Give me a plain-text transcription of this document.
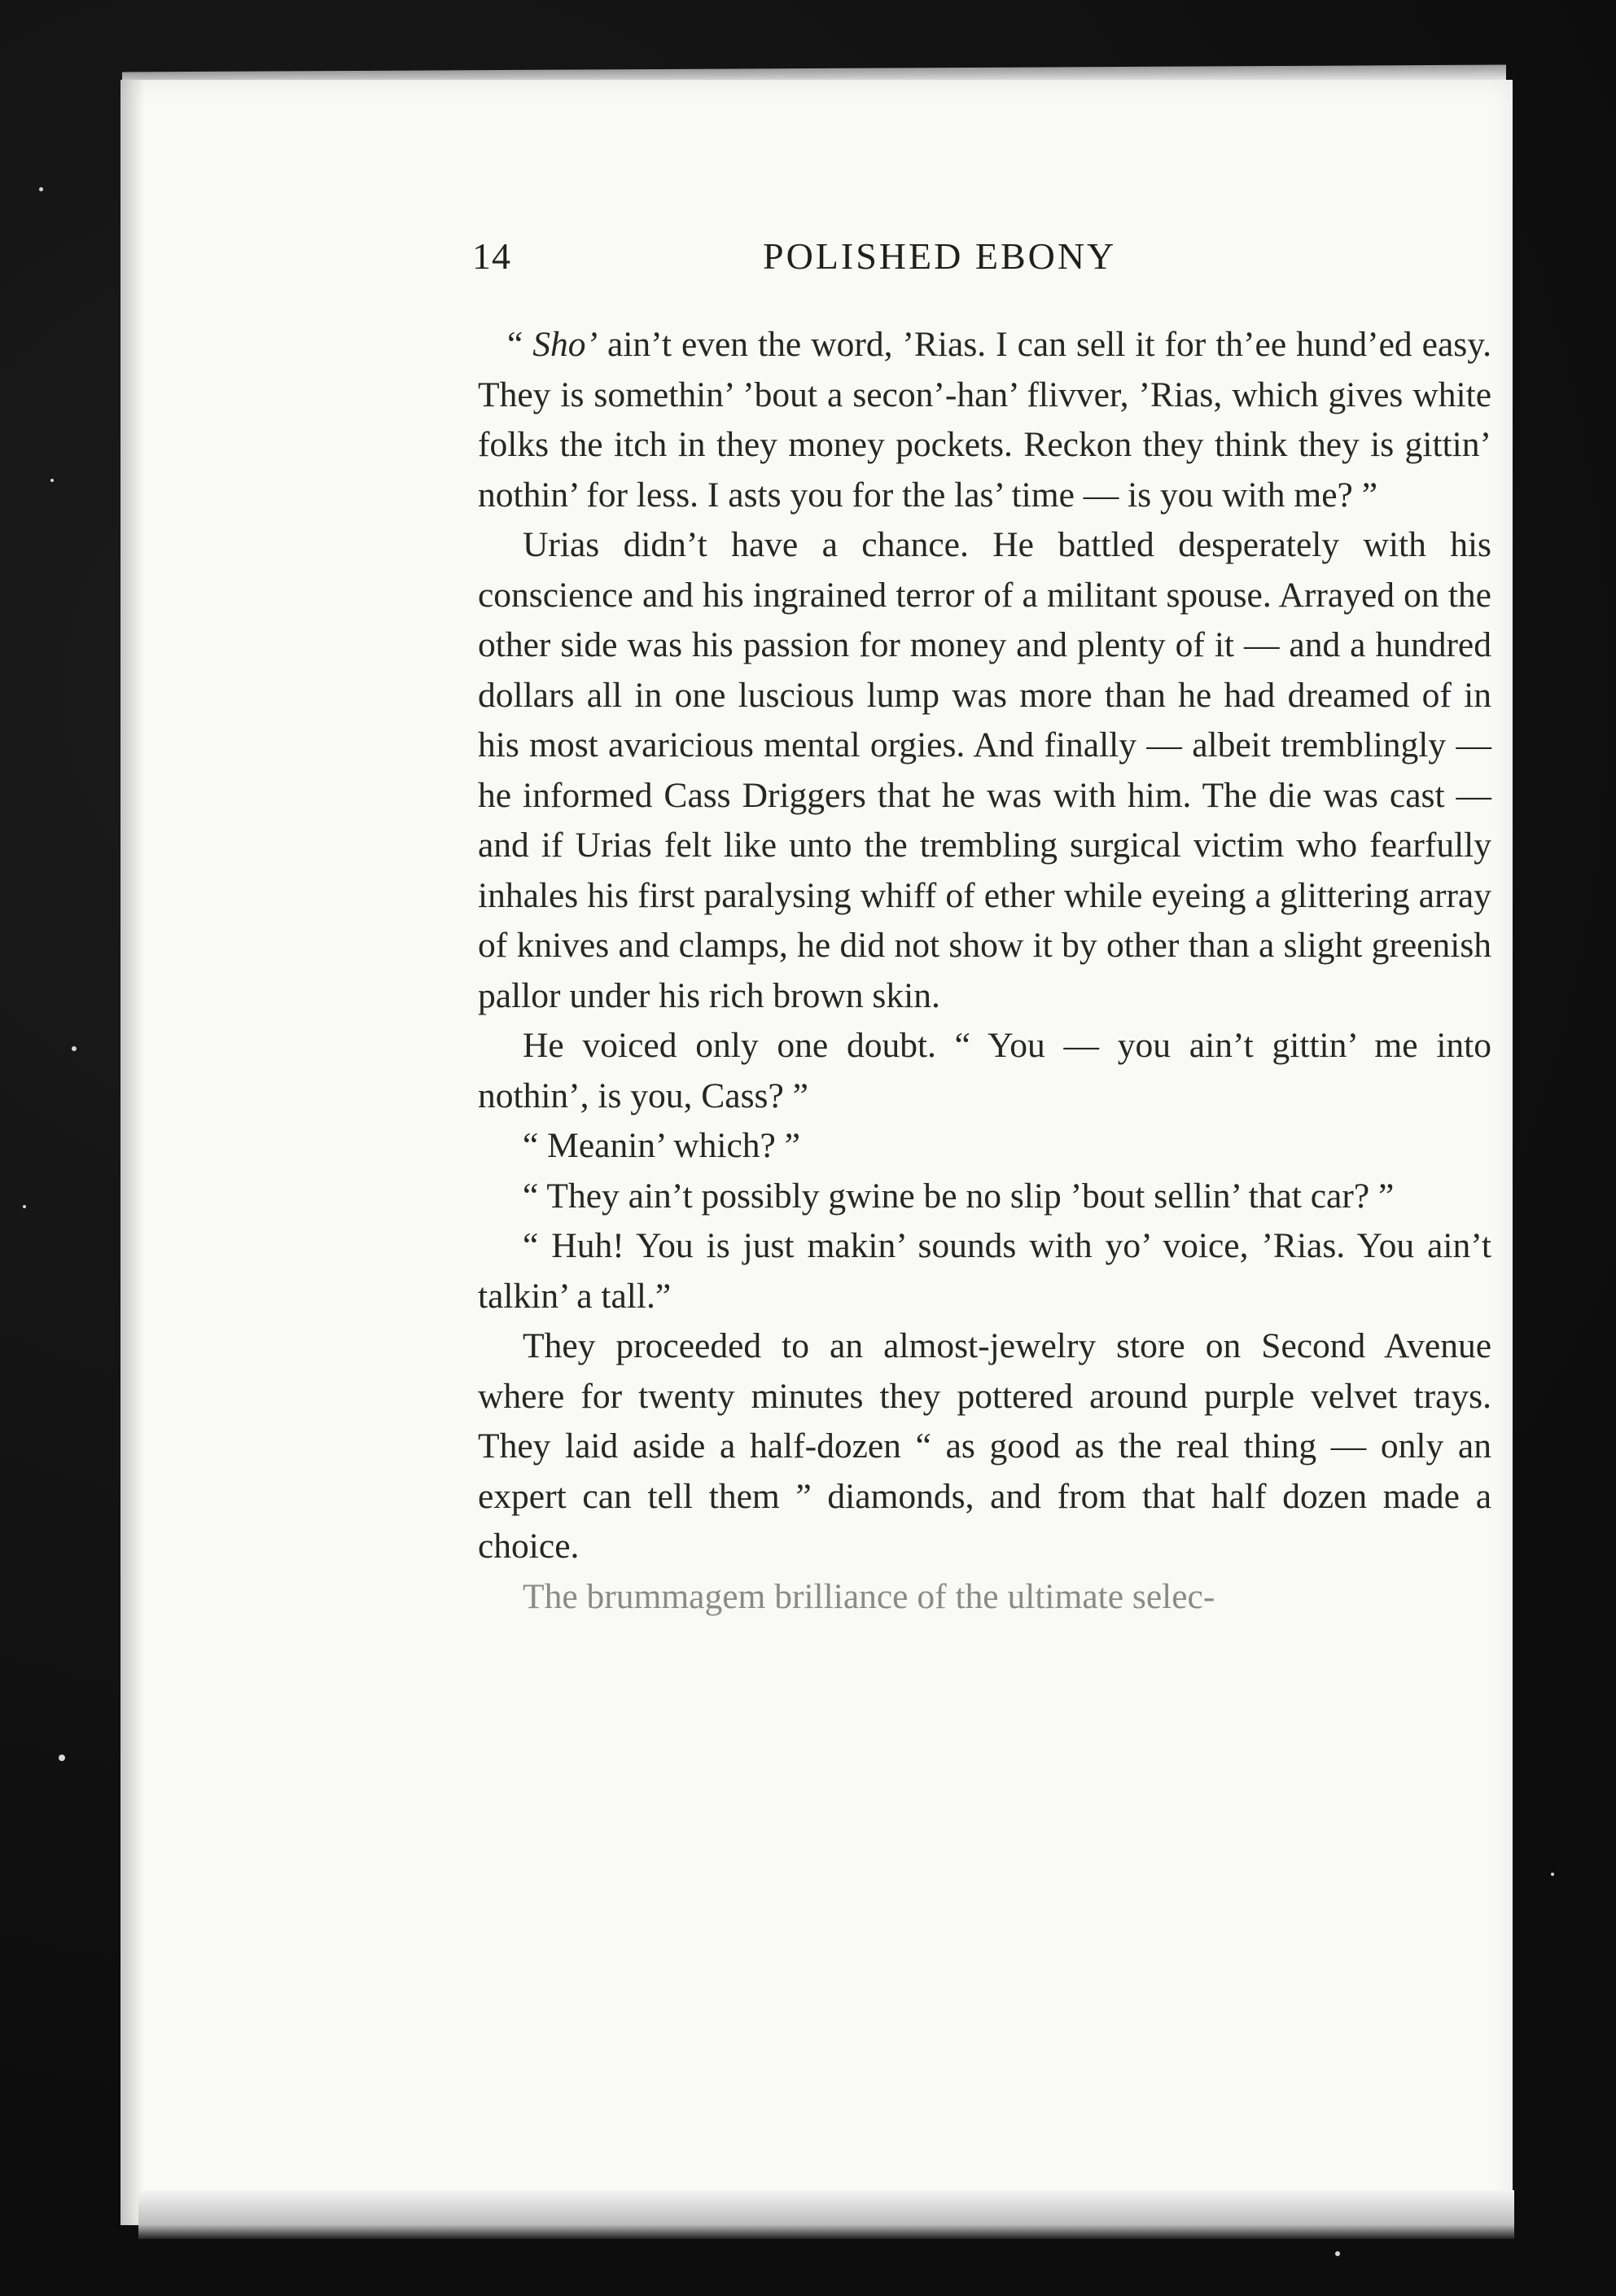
14	POLISHED EBONY

“ Sho’ ain’t even the word, ’Rias. I can sell it for th’ee hund’ed easy. They is somethin’ ’bout a secon’-han’ flivver, ’Rias, which gives white folks the itch in they money pockets. Reckon they think they is gittin’ nothin’ for less. I asts you for the las’ time — is you with me? ”

Urias didn’t have a chance. He battled desperately with his conscience and his ingrained terror of a militant spouse. Arrayed on the other side was his passion for money and plenty of it — and a hundred dollars all in one luscious lump was more than he had dreamed of in his most avaricious mental orgies. And finally — albeit tremblingly — he informed Cass Driggers that he was with him. The die was cast — and if Urias felt like unto the trembling surgical victim who fearfully inhales his first paralysing whiff of ether while eyeing a glittering array of knives and clamps, he did not show it by other than a slight greenish pallor under his rich brown skin.

He voiced only one doubt. “ You — you ain’t gittin’ me into nothin’, is you, Cass? ”

“ Meanin’ which? ”

“ They ain’t possibly gwine be no slip ’bout sellin’ that car? ”

“ Huh! You is just makin’ sounds with yo’ voice, ’Rias. You ain’t talkin’ a tall.”

They proceeded to an almost-jewelry store on Second Avenue where for twenty minutes they pottered around purple velvet trays. They laid aside a half-dozen “ as good as the real thing — only an expert can tell them ” diamonds, and from that half dozen made a choice.

The brummagem brilliance of the ultimate selec-
